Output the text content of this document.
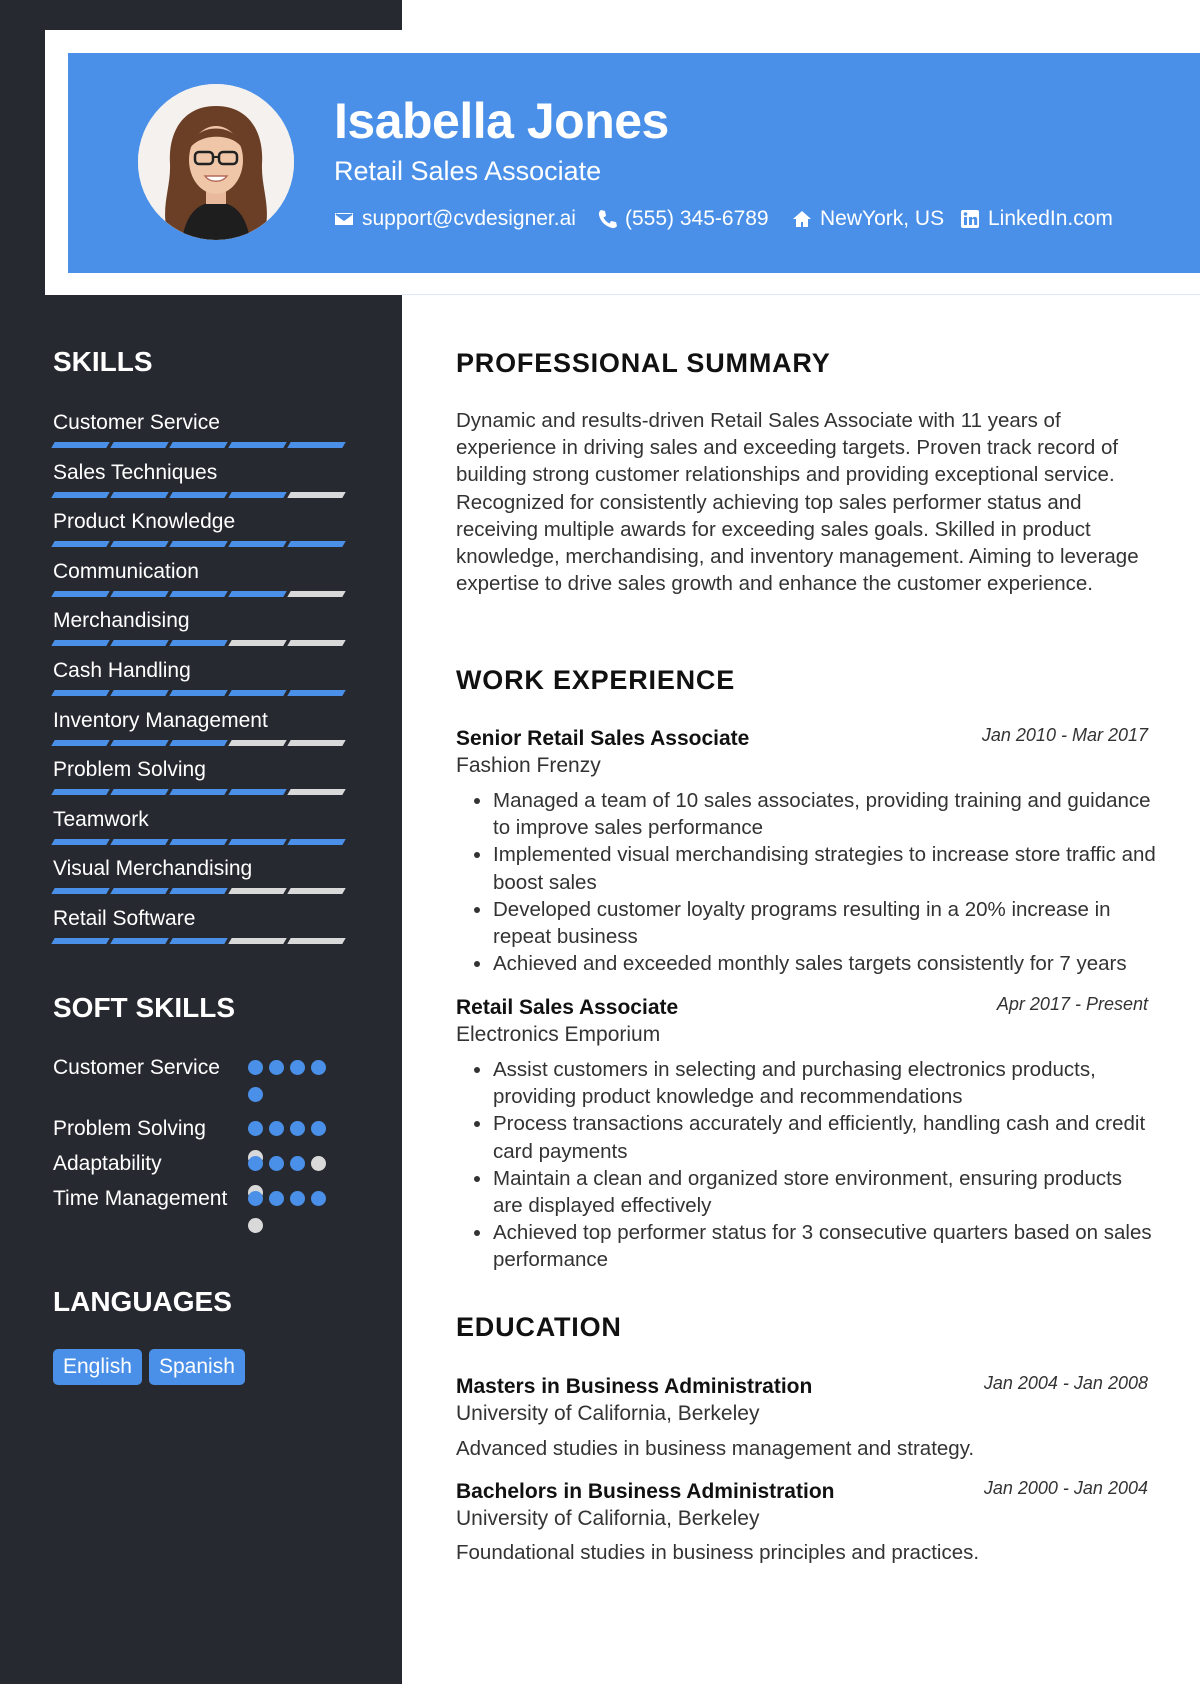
Isabella Jones
Retail Sales Associate
support@cvdesigner.ai (555) 345-6789 NewYork, US LinkedIn.com
SKILLS
Customer Service
Sales Techniques
Product Knowledge
Communication
Merchandising
Cash Handling
Inventory Management
Problem Solving
Teamwork
Visual Merchandising
Retail Software
SOFT SKILLS
Customer Service
Problem Solving
Adaptability
Time Management
LANGUAGES
English	Spanish
PROFESSIONAL SUMMARY
Dynamic and results-driven Retail Sales Associate with 11 years of experience in driving sales and exceeding targets. Proven track record of building strong customer relationships and providing exceptional service. Recognized for consistently achieving top sales performer status and receiving multiple awards for exceeding sales goals. Skilled in product knowledge, merchandising, and inventory management. Aiming to leverage expertise to drive sales growth and enhance the customer experience.
WORK EXPERIENCE
Senior Retail Sales Associate	Jan 2010 - Mar 2017
Fashion Frenzy
• Managed a team of 10 sales associates, providing training and guidance to improve sales performance
• Implemented visual merchandising strategies to increase store traffic and boost sales
• Developed customer loyalty programs resulting in a 20% increase in repeat business
• Achieved and exceeded monthly sales targets consistently for 7 years
Retail Sales Associate	Apr 2017 - Present
Electronics Emporium
• Assist customers in selecting and purchasing electronics products, providing product knowledge and recommendations
• Process transactions accurately and efficiently, handling cash and credit card payments
• Maintain a clean and organized store environment, ensuring products are displayed effectively
• Achieved top performer status for 3 consecutive quarters based on sales performance
EDUCATION
Masters in Business Administration	Jan 2004 - Jan 2008
University of California, Berkeley
Advanced studies in business management and strategy.
Bachelors in Business Administration	Jan 2000 - Jan 2004
University of California, Berkeley
Foundational studies in business principles and practices.
